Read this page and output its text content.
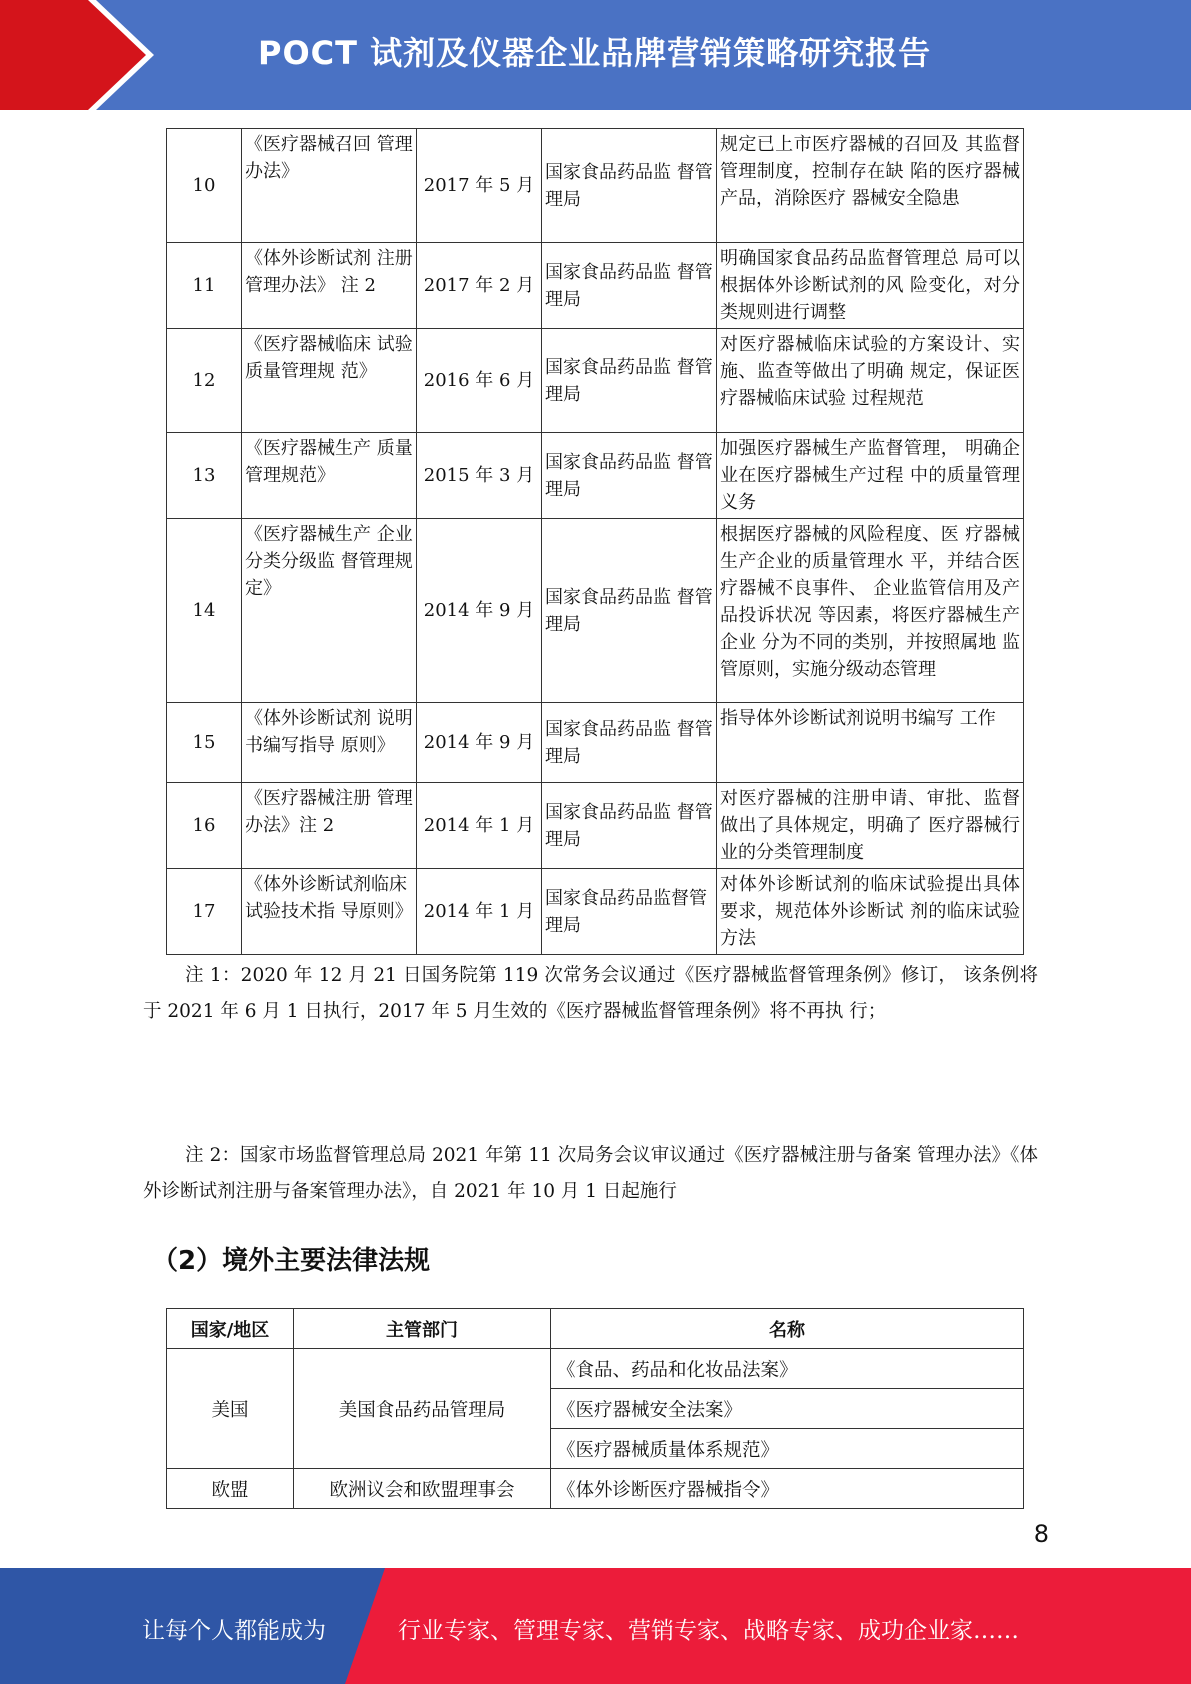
POCT 试剂及仪器企业品牌营销策略研究报告
10	《医疗器械召回 管理办法》	2017 年 5 月	国家食品药品监 督管理局	规定已上市医疗器械的召回及 其监督管理制度，控制存在缺 陷的医疗器械产品，消除医疗 器械安全隐患
11	《体外诊断试剂 注册管理办法》 注 2	2017 年 2 月	国家食品药品监 督管理局	明确国家食品药品监督管理总 局可以根据体外诊断试剂的风 险变化，对分类规则进行调整
12	《医疗器械临床 试验质量管理规 范》	2016 年 6 月	国家食品药品监 督管理局	对医疗器械临床试验的方案设计、实施、监查等做出了明确 规定，保证医疗器械临床试验 过程规范
13	《医疗器械生产 质量管理规范》	2015 年 3 月	国家食品药品监 督管理局	加强医疗器械生产监督管理， 明确企业在医疗器械生产过程 中的质量管理义务
14	《医疗器械生产 企业分类分级监 督管理规定》	2014 年 9 月	国家食品药品监 督管理局	根据医疗器械的风险程度、医 疗器械生产企业的质量管理水 平，并结合医疗器械不良事件、 企业监管信用及产品投诉状况 等因素，将医疗器械生产企业 分为不同的类别，并按照属地 监管原则，实施分级动态管理
15	《体外诊断试剂 说明书编写指导 原则》	2014 年 9 月	国家食品药品监 督管理局	指导体外诊断试剂说明书编写 工作
16	《医疗器械注册 管理办法》注 2	2014 年 1 月	国家食品药品监 督管理局	对医疗器械的注册申请、审批、监督做出了具体规定，明确了 医疗器械行业的分类管理制度
17	《体外诊断试剂临床试验技术指 导原则》	2014 年 1 月	国家食品药品监督管理局	对体外诊断试剂的临床试验提出具体要求，规范体外诊断试 剂的临床试验方法
注 1：2020 年 12 月 21 日国务院第 119 次常务会议通过《医疗器械监督管理条例》修订， 该条例将于 2021 年 6 月 1 日执行，2017 年 5 月生效的《医疗器械监督管理条例》将不再执 行；
注 2：国家市场监督管理总局 2021 年第 11 次局务会议审议通过《医疗器械注册与备案 管理办法》《体外诊断试剂注册与备案管理办法》，自 2021 年 10 月 1 日起施行
（2）境外主要法律法规
国家/地区	主管部门	名称
美国	美国食品药品管理局	《食品、药品和化妆品法案》
		《医疗器械安全法案》
		《医疗器械质量体系规范》
欧盟	欧洲议会和欧盟理事会	《体外诊断医疗器械指令》
8
让每个人都能成为	行业专家、管理专家、营销专家、战略专家、成功企业家……
